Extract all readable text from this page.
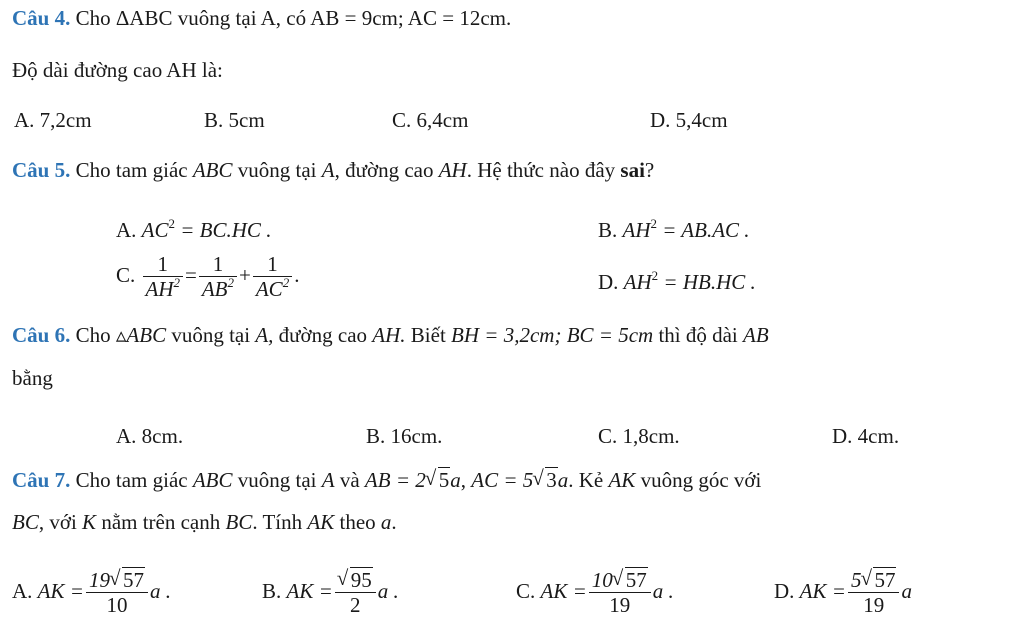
Câu 4. Cho ΔABC vuông tại A, có AB = 9cm; AC = 12cm.
Độ dài đường cao AH là:
A. 7,2cm	B. 5cm	C. 6,4cm	D. 5,4cm
Câu 5. Cho tam giác ABC vuông tại A, đường cao AH. Hệ thức nào đây sai?
A. $AC^2 = BC.HC$ .	B. $AH^2 = AB.AC$ .
C. $\frac{1}{AH^2} = \frac{1}{AB^2} + \frac{1}{AC^2}$ .	D. $AH^2 = HB.HC$ .
Câu 6. Cho ▵ABC vuông tại A, đường cao AH. Biết BH = 3,2cm; BC = 5cm thì độ dài AB
bằng
A. 8cm.	B. 16cm.	C. 1,8cm.	D. 4cm.
Câu 7. Cho tam giác ABC vuông tại A và AB = 2 √ 5a, AC = 5 √ 3a. Kẻ AK vuông góc với
BC, với K nằm trên cạnh BC. Tính AK theo a.
A. AK = $\frac{19 √ 57}{10}$ a .	B. AK = √ $\frac{95}{2}$ a .	C. AK = $\frac{10 √ 57}{19}$ a .	D. AK = $\frac{5 √ 57}{19}$ a
